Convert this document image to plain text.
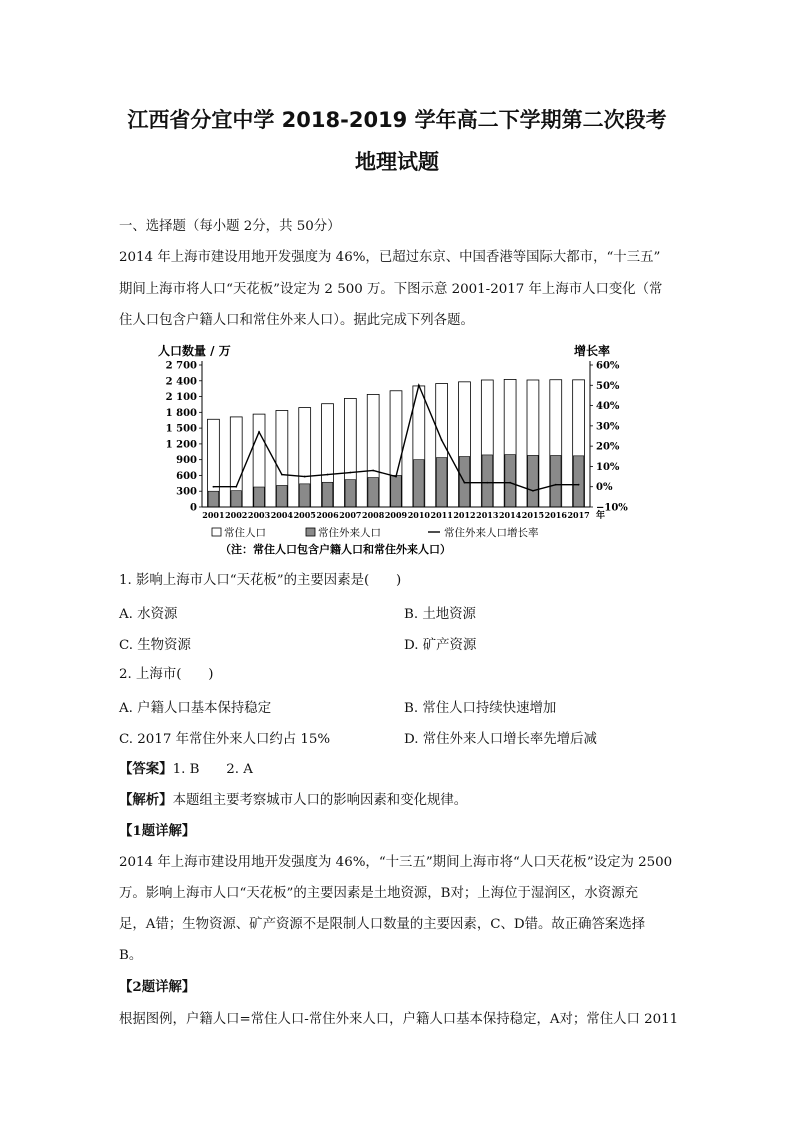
江西省分宜中学 2018-2019 学年高二下学期第二次段考
地理试题
一、选择题（每小题 2分，共 50分）
2014 年上海市建设用地开发强度为 46%，已超过东京、中国香港等国际大都市，“十三五”
期间上海市将人口“天花板”设定为 2 500 万。下图示意 2001-2017 年上海市人口变化（常
住人口包含户籍人口和常住外来人口）。据此完成下列各题。
0
300
600
900
1 200
1 500
1 800
2 100
2 400
2 700
−10%
0%
10%
20%
30%
40%
50%
60%
2001 2002 2003 2004 2005 2006 2007 2008 2009 2010 2011 2012 2013 2014 2015 2016 2017 年
人口数量 / 万	增长率
常住人口	常住外来人口	常住外来人口增长率
（注：常住人口包含户籍人口和常住外来人口）
1. 影响上海市人口“天花板”的主要因素是(　　)
A. 水资源	B. 土地资源
C. 生物资源	D. 矿产资源
2. 上海市(　　)
A. 户籍人口基本保持稳定	B. 常住人口持续快速增加
C. 2017 年常住外来人口约占 15%	D. 常住外来人口增长率先增后减
【答案】1. B　　2. A
【解析】本题组主要考察城市人口的影响因素和变化规律。
【1题详解】
2014 年上海市建设用地开发强度为 46%，“十三五”期间上海市将“人口天花板”设定为 2500
万。影响上海市人口“天花板”的主要因素是土地资源，B对；上海位于湿润区，水资源充
足，A错；生物资源、矿产资源不是限制人口数量的主要因素，C、D错。故正确答案选择
B。
【2题详解】
根据图例，户籍人口=常住人口-常住外来人口，户籍人口基本保持稳定，A对；常住人口 2011
